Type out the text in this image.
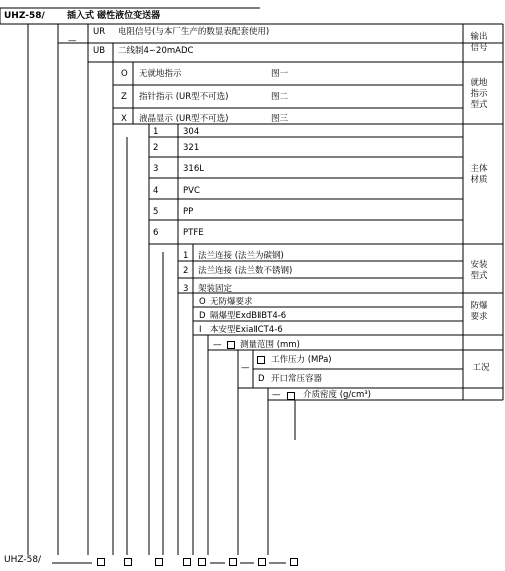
UHZ-58/ 插入式 磁性液位变送器
—
UR 电阻信号(与本厂生产的数显表配套使用)
UB 二线制4∽20mADC
输出信号
O 无就地指示	图一
Z 指针指示 (UR型不可选)	图二
X 液晶显示 (UR型不可选)	图三
就地指示型式
1	304
2	321
3	316L
4	PVC
5	PP
6	PTFE
主体材质
1 法兰连接 (法兰为碳钢)
2 法兰连接 (法兰数不锈钢)
3 架装固定
安装型式
O 无防爆要求
D 隔爆型ExdBⅡBT4-6
I 本安型ExiaⅡCT4-6
防爆要求
— 测量范围 (mm)
—
工作压力 (MPa)
D 开口常压容器
工况
—	介质密度 (g/cm³)
UHZ-58/
